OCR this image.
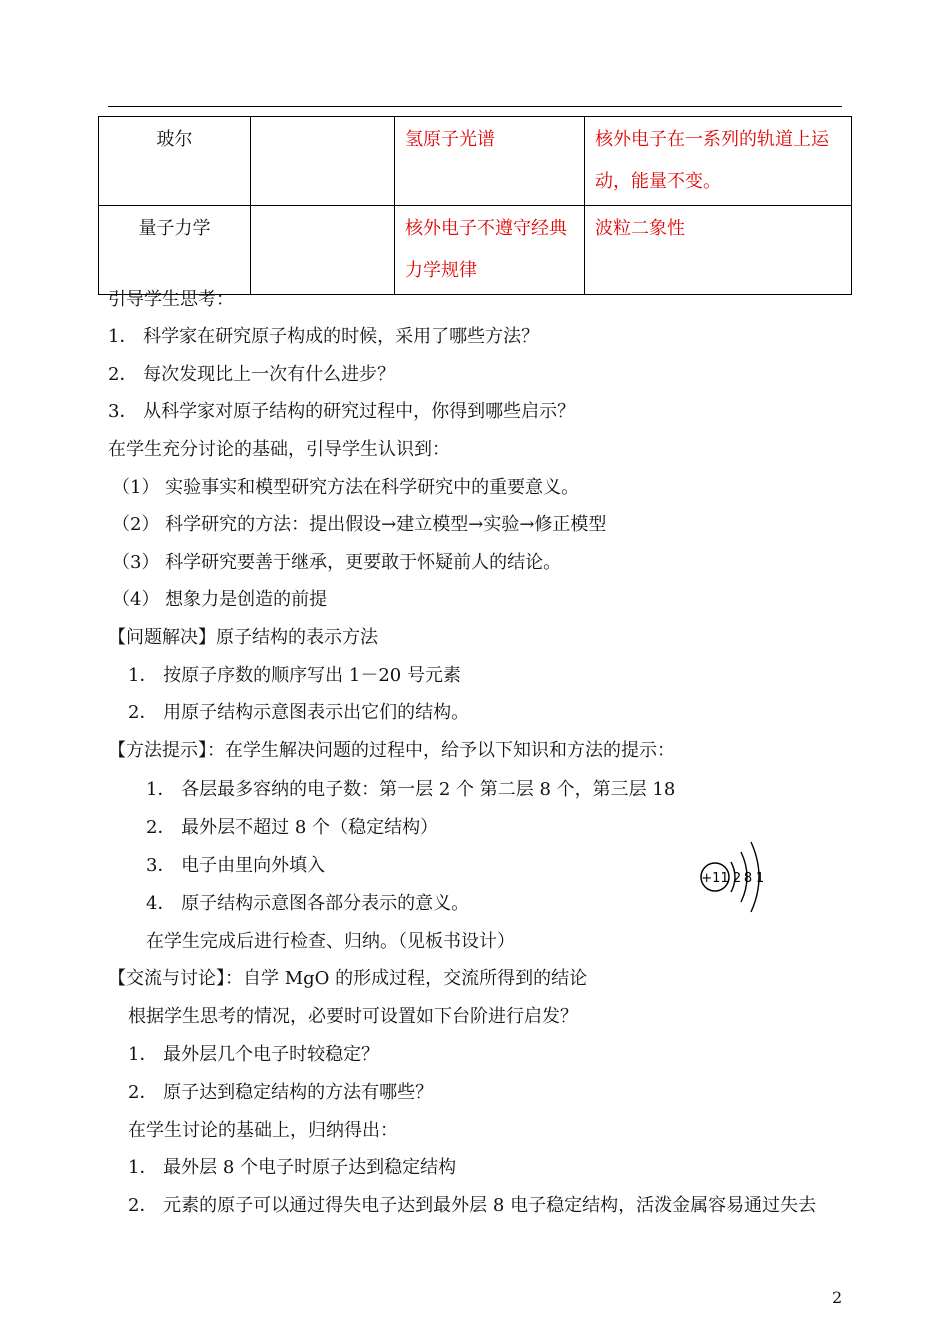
玻尔		氢原子光谱	核外电子在一系列的轨道上运动，能量不变。
量子力学		核外电子不遵守经典力学规律	波粒二象性
引导学生思考：
1． 科学家在研究原子构成的时候，采用了哪些方法？
2． 每次发现比上一次有什么进步？
3． 从科学家对原子结构的研究过程中，你得到哪些启示？
在学生充分讨论的基础，引导学生认识到：
（1） 实验事实和模型研究方法在科学研究中的重要意义。
（2） 科学研究的方法：提出假设→建立模型→实验→修正模型
（3） 科学研究要善于继承，更要敢于怀疑前人的结论。
（4） 想象力是创造的前提
【问题解决】原子结构的表示方法
1． 按原子序数的顺序写出 1－20 号元素
2． 用原子结构示意图表示出它们的结构。
【方法提示】：在学生解决问题的过程中，给予以下知识和方法的提示：
1． 各层最多容纳的电子数：第一层 2 个 第二层 8 个，第三层 18
2． 最外层不超过 8 个（稳定结构）
3． 电子由里向外填入
4． 原子结构示意图各部分表示的意义。
在学生完成后进行检查、归纳。（见板书设计）
【交流与讨论】：自学 MgO 的形成过程，交流所得到的结论
根据学生思考的情况，必要时可设置如下台阶进行启发？
1． 最外层几个电子时较稳定？
2． 原子达到稳定结构的方法有哪些？
在学生讨论的基础上，归纳得出：
1． 最外层 8 个电子时原子达到稳定结构
2． 元素的原子可以通过得失电子达到最外层 8 电子稳定结构，活泼金属容易通过失去
+11 2 8 1
2
